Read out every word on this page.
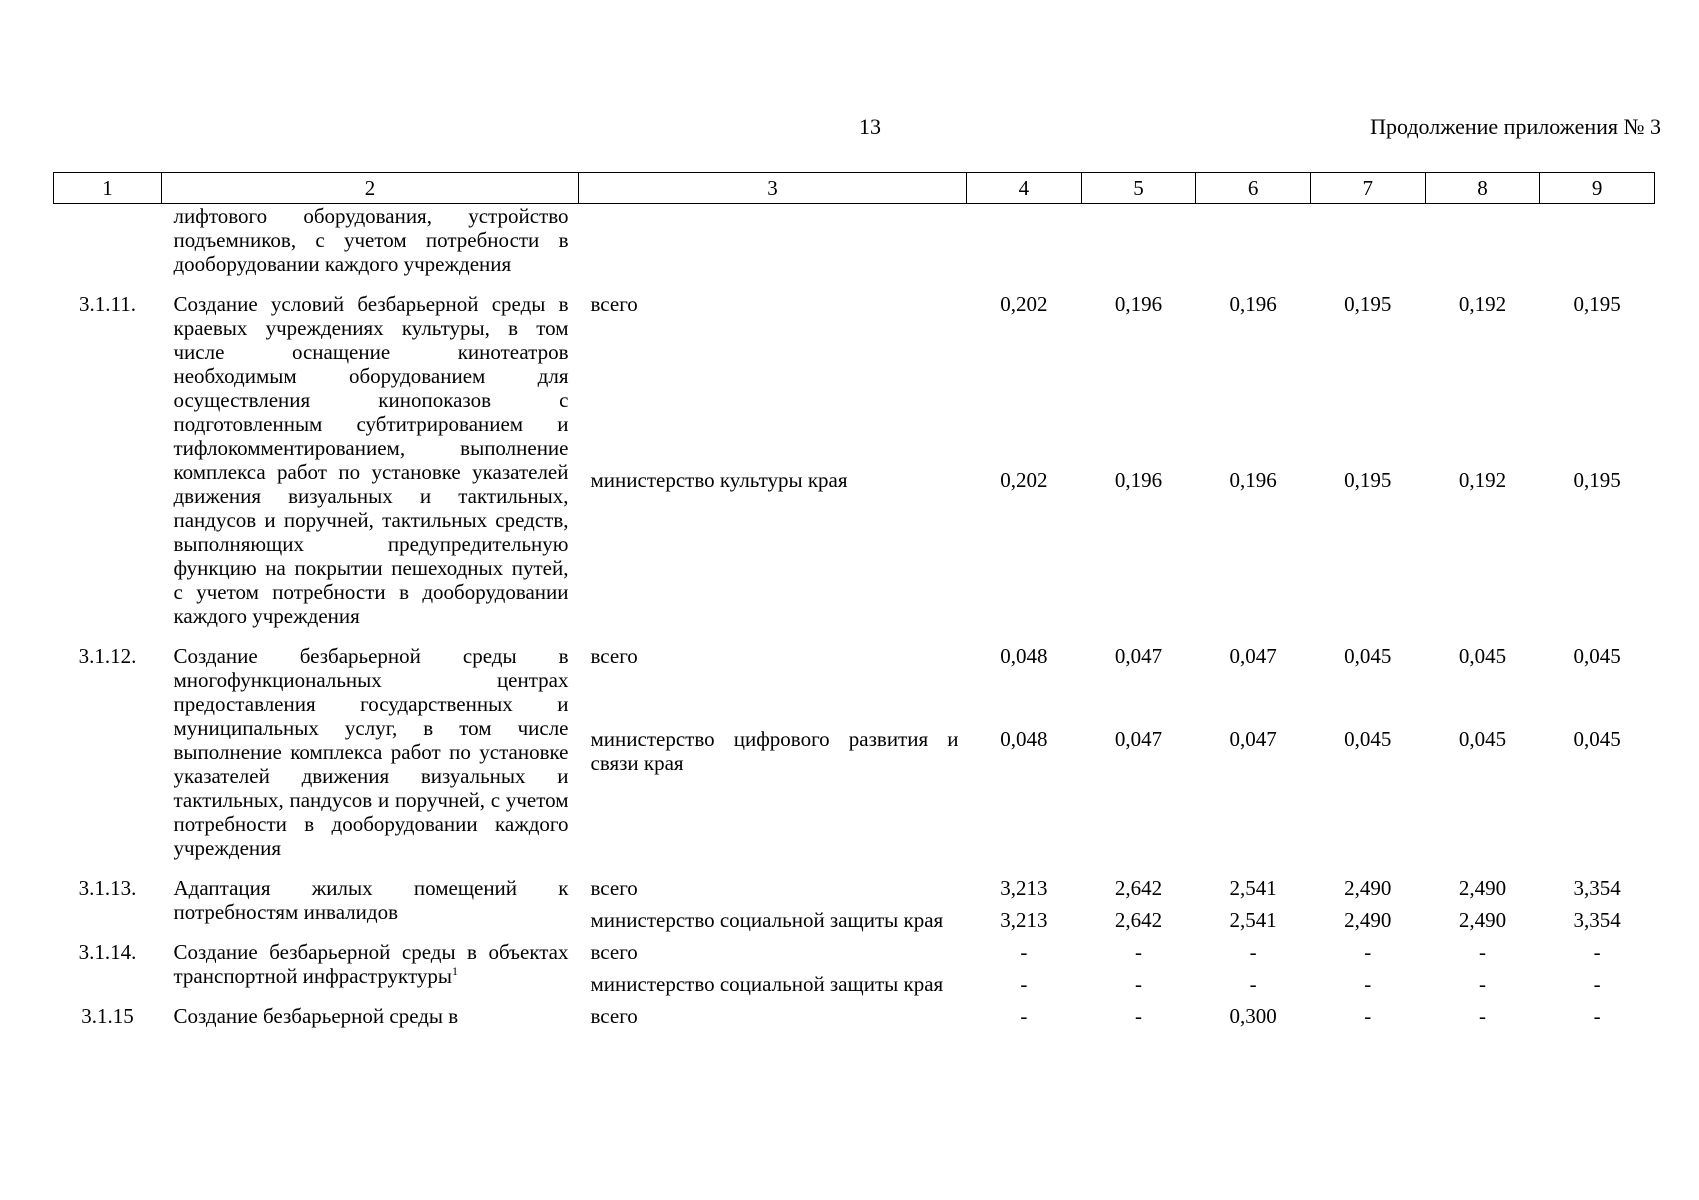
13	Продолжение приложения № 3
1	2	3	4	5	6	7	8	9
	лифтового оборудования, устройство подъемников, с учетом потребности в дооборудовании каждого учреждения							
3.1.11.	Создание условий безбарьерной среды в краевых учреждениях культуры, в том числе оснащение кинотеатров необходимым оборудованием для осуществления кинопоказов с подготовленным субтитрированием и тифлокомментированием, выполнение комплекса работ по установке указателей движения визуальных и тактильных, пандусов и поручней, тактильных средств, выполняющих предупредительную функцию на покрытии пешеходных путей, с учетом потребности в дооборудовании каждого учреждения	всего	0,202	0,196	0,196	0,195	0,192	0,195
		министерство культуры края	0,202	0,196	0,196	0,195	0,192	0,195
3.1.12.	Создание безбарьерной среды в многофункциональных центрах предоставления государственных и муниципальных услуг, в том числе выполнение комплекса работ по установке указателей движения визуальных и тактильных, пандусов и поручней, с учетом потребности в дооборудовании каждого учреждения	всего	0,048	0,047	0,047	0,045	0,045	0,045
		министерство цифрового развития и связи края	0,048	0,047	0,047	0,045	0,045	0,045
3.1.13.	Адаптация жилых помещений к потребностям инвалидов	всего	3,213	2,642	2,541	2,490	2,490	3,354
		министерство социальной защиты края	3,213	2,642	2,541	2,490	2,490	3,354
3.1.14.	Создание безбарьерной среды в объектах транспортной инфраструктуры$^1$	всего	-	-	-	-	-	-
		министерство социальной защиты края	-	-	-	-	-	-
3.1.15	Создание безбарьерной среды в	всего	-	-	0,300	-	-	-
